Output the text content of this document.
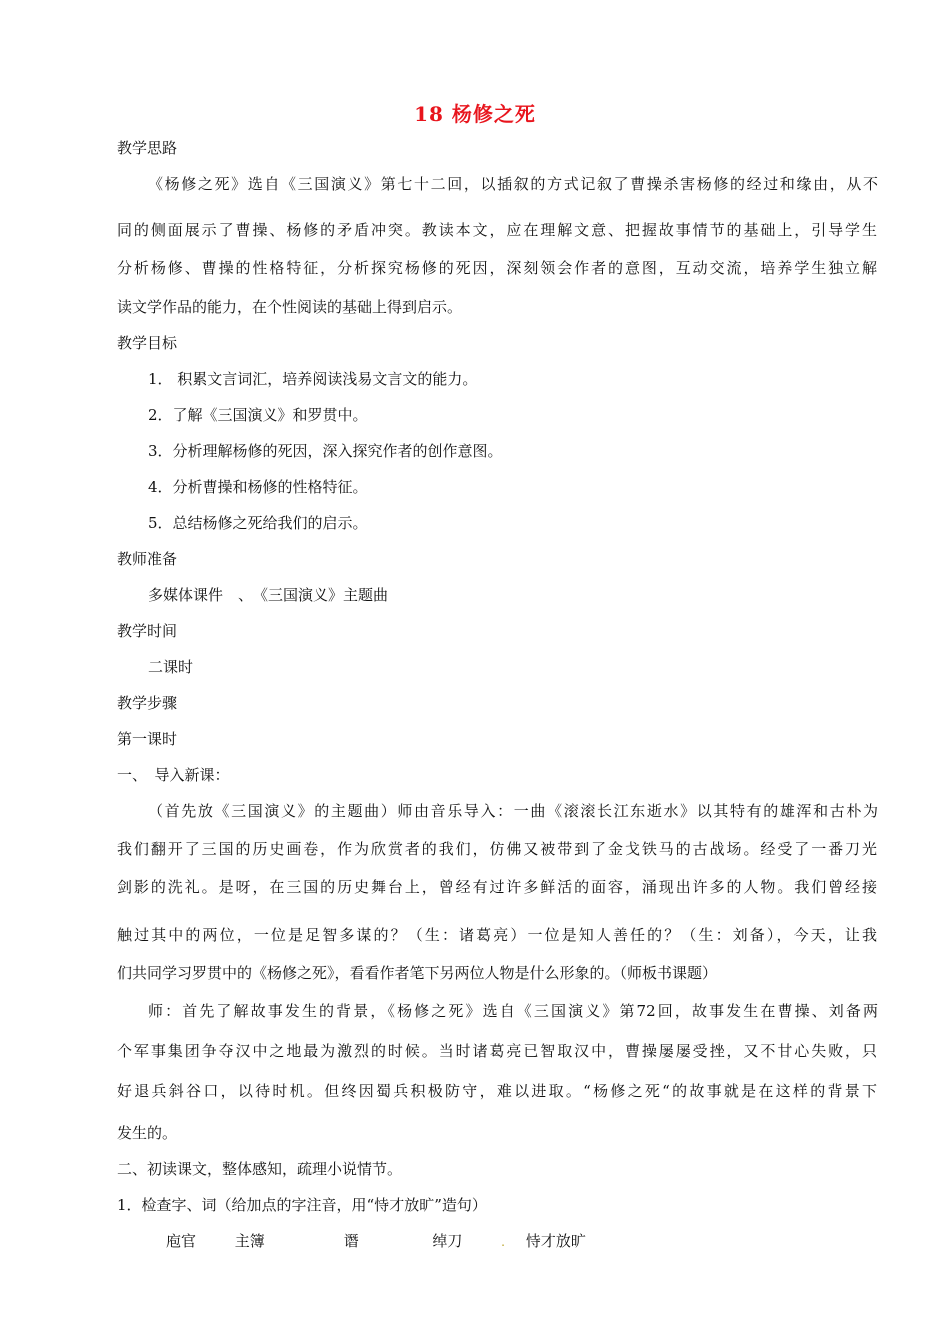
18 杨修之死
教学思路
《杨修之死》选自《三国演义》第七十二回，以插叙的方式记叙了曹操杀害杨修的经过和缘由，从不
同的侧面展示了曹操、杨修的矛盾冲突。教读本文，应在理解文意、把握故事情节的基础上，引导学生
分析杨修、曹操的性格特征，分析探究杨修的死因，深刻领会作者的意图，互动交流，培养学生独立解
读文学作品的能力，在个性阅读的基础上得到启示。
教学目标
1． 积累文言词汇，培养阅读浅易文言文的能力。
2．了解《三国演义》和罗贯中。
3．分析理解杨修的死因，深入探究作者的创作意图。
4．分析曹操和杨修的性格特征。
5．总结杨修之死给我们的启示。
教师准备
多媒体课件　、　《三国演义》主题曲
教学时间
二课时
教学步骤
第一课时
一、　导入新课：
（首先放《三国演义》的主题曲）师由音乐导入：一曲《滚滚长江东逝水》以其特有的雄浑和古朴为
我们翻开了三国的历史画卷，作为欣赏者的我们，仿佛又被带到了金戈铁马的古战场。经受了一番刀光
剑影的洗礼。是呀，在三国的历史舞台上，曾经有过许多鲜活的面容，涌现出许多的人物。我们曾经接
触过其中的两位，一位是足智多谋的？（生：诸葛亮）一位是知人善任的？（生：刘备），今天，让我
们共同学习罗贯中的《杨修之死》，看看作者笔下另两位人物是什么形象的。（师板书课题）
师：首先了解故事发生的背景，《杨修之死》选自《三国演义》第72回，故事发生在曹操、刘备两
个军事集团争夺汉中之地最为激烈的时候。当时诸葛亮已智取汉中，曹操屡屡受挫，又不甘心失败，只
好退兵斜谷口，以待时机。但终因蜀兵积极防守，难以进取。“杨修之死“的故事就是在这样的背景下
发生的。
二、初读课文，整体感知，疏理小说情节。
1．检查字、词（给加点的字注音，用“恃才放旷”造句）
庖官	主簿	谮	绰刀	. 恃才放旷
